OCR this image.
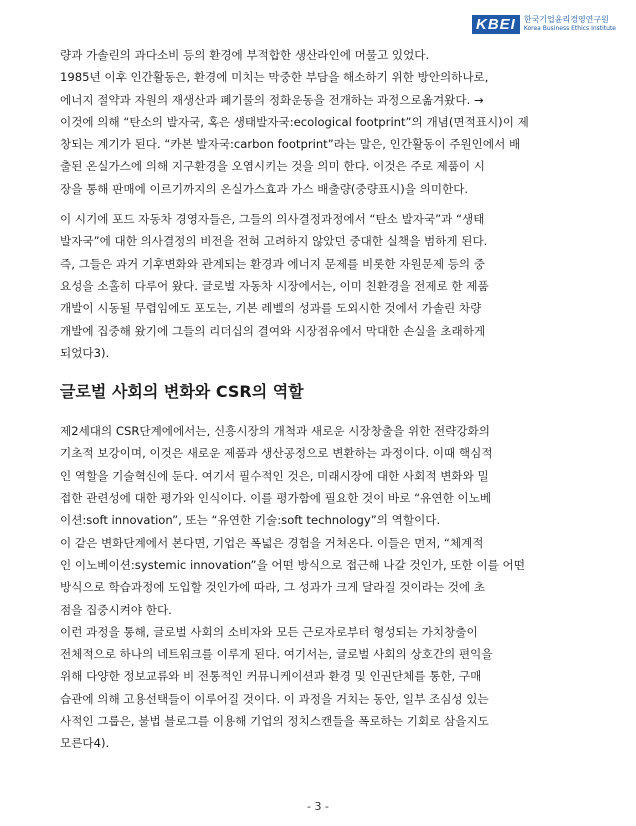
KBEI	한국기업윤리경영연구원
Korea Business Ethics Institute

량과 가솔린의 과다소비 등의 환경에 부적합한 생산라인에 머물고 있었다.
1985년 이후 인간활동은, 환경에 미치는 막중한 부담을 해소하기 위한 방안의하나로,
에너지 절약과 자원의 재생산과 폐기물의 정화운동을 전개하는 과정으로옮겨왔다. →
이것에 의해 “탄소의 발자국, 혹은 생태발자국:ecological footprint”의 개념(면적표시)이 제
창되는 계기가 된다. “카본 발자국:carbon footprint”라는 말은, 인간활동이 주원인에서 배
출된 온실가스에 의해 지구환경을 오염시키는 것을 의미 한다. 이것은 주로 제품이 시
장을 통해 판매에 이르기까지의 온실가스효과 가스 배출량(중량표시)을 의미한다.

이 시기에 포드 자동차 경영자들은, 그들의 의사결정과정에서 “탄소 발자국”과 “생태
발자국”에 대한 의사결정의 비전을 전혀 고려하지 않았던 중대한 실책을 범하게 된다.
즉, 그들은 과거 기후변화와 관계되는 환경과 에너지 문제를 비롯한 자원문제 등의 중
요성을 소홀히 다루어 왔다. 글로벌 자동차 시장에서는, 이미 친환경을 전제로 한 제품
개발이 시동될 무렵임에도 포도는, 기본 레벨의 성과를 도외시한 것에서 가솔린 차량
개발에 집중해 왔기에 그들의 리더십의 결여와 시장점유에서 막대한 손실을 초래하게
되었다3).

글로벌 사회의 변화와 CSR의 역할

제2세대의 CSR단계에에서는, 신흥시장의 개척과 새로운 시장창출을 위한 전략강화의
기초적 보강이며, 이것은 새로운 제품과 생산공정으로 변환하는 과정이다. 이때 핵심적
인 역할을 기술혁신에 둔다. 여기서 필수적인 것은, 미래시장에 대한 사회적 변화와 밀
접한 관련성에 대한 평가와 인식이다. 이를 평가함에 필요한 것이 바로 “유연한 이노베
이션:soft innovation”, 또는 “유연한 기술:soft technology”의 역할이다.
이 같은 변화단계에서 본다면, 기업은 폭넓은 경험을 거쳐온다. 이들은 먼저, “체계적
인 이노베이션:systemic innovation”을 어떤 방식으로 접근해 나갈 것인가, 또한 이를 어떤
방식으로 학습과정에 도입할 것인가에 따라, 그 성과가 크게 달라질 것이라는 것에 초
점을 집중시켜야 한다.
이런 과정을 통해, 글로벌 사회의 소비자와 모든 근로자로부터 형성되는 가치창출이
전체적으로 하나의 네트워크를 이루게 된다. 여기서는, 글로벌 사회의 상호간의 편익을
위해 다양한 정보교류와 비 전통적인 커뮤니케이션과 환경 및 인권단체를 통한, 구매
습관에 의해 고용선택들이 이루어질 것이다. 이 과정을 거치는 동안, 일부 조심성 있는
사적인 그룹은, 불법 블로그를 이용해 기업의 정치스캔들을 폭로하는 기회로 삼을지도
모른다4).

- 3 -
